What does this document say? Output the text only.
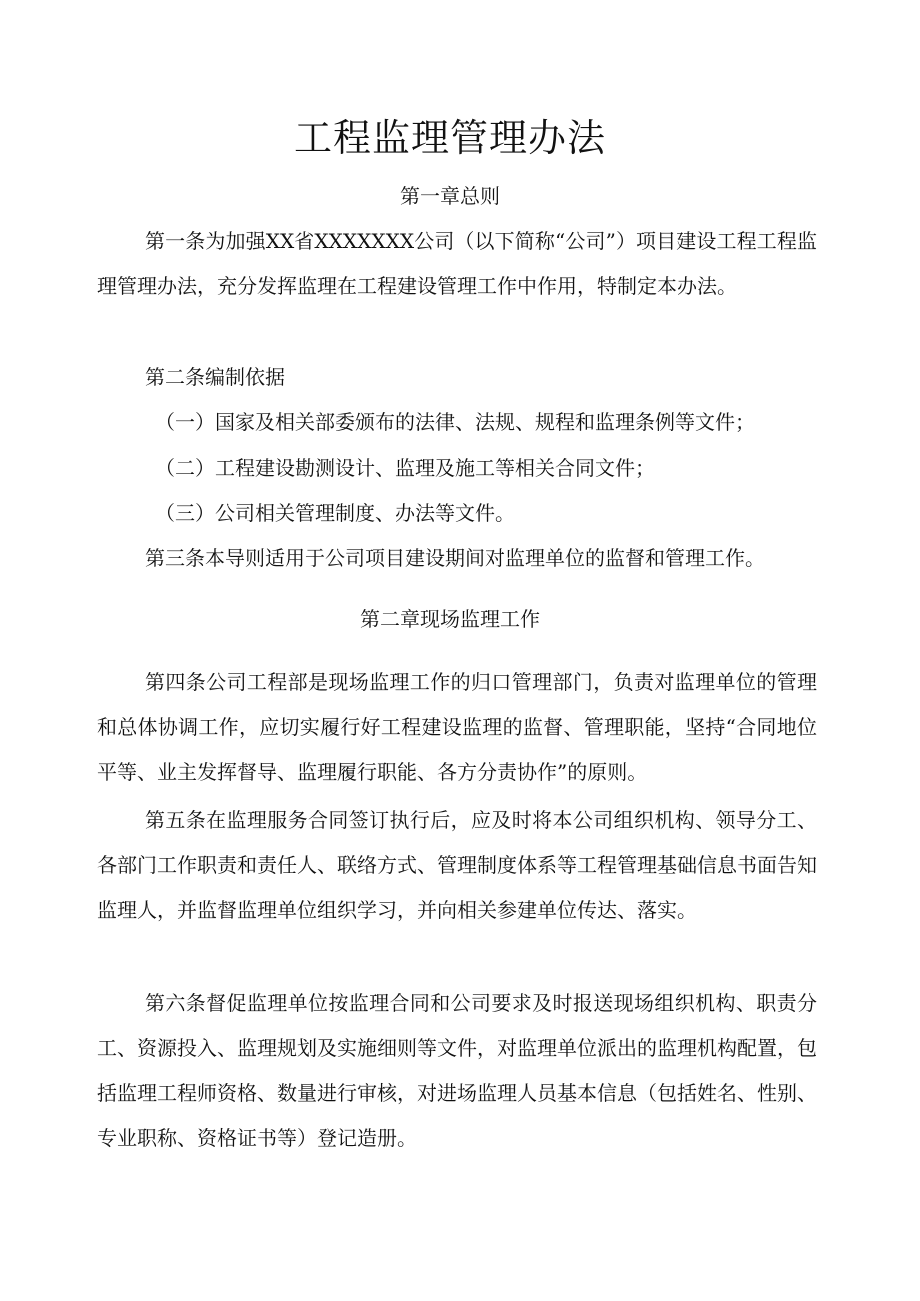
工程监理管理办法
第一章总则

第一条为加强XX省XXXXXXX公司（以下简称“公司”）项目建设工程工程监理管理办法，充分发挥监理在工程建设管理工作中作用，特制定本办法。

第二条编制依据

（一）国家及相关部委颁布的法律、法规、规程和监理条例等文件；

（二）工程建设勘测设计、监理及施工等相关合同文件；

（三）公司相关管理制度、办法等文件。

第三条本导则适用于公司项目建设期间对监理单位的监督和管理工作。

第二章现场监理工作

第四条公司工程部是现场监理工作的归口管理部门，负责对监理单位的管理和总体协调工作，应切实履行好工程建设监理的监督、管理职能，坚持“合同地位平等、业主发挥督导、监理履行职能、各方分责协作”的原则。

第五条在监理服务合同签订执行后，应及时将本公司组织机构、领导分工、各部门工作职责和责任人、联络方式、管理制度体系等工程管理基础信息书面告知监理人，并监督监理单位组织学习，并向相关参建单位传达、落实。

第六条督促监理单位按监理合同和公司要求及时报送现场组织机构、职责分工、资源投入、监理规划及实施细则等文件，对监理单位派出的监理机构配置，包括监理工程师资格、数量进行审核，对进场监理人员基本信息（包括姓名、性别、专业职称、资格证书等）登记造册。
